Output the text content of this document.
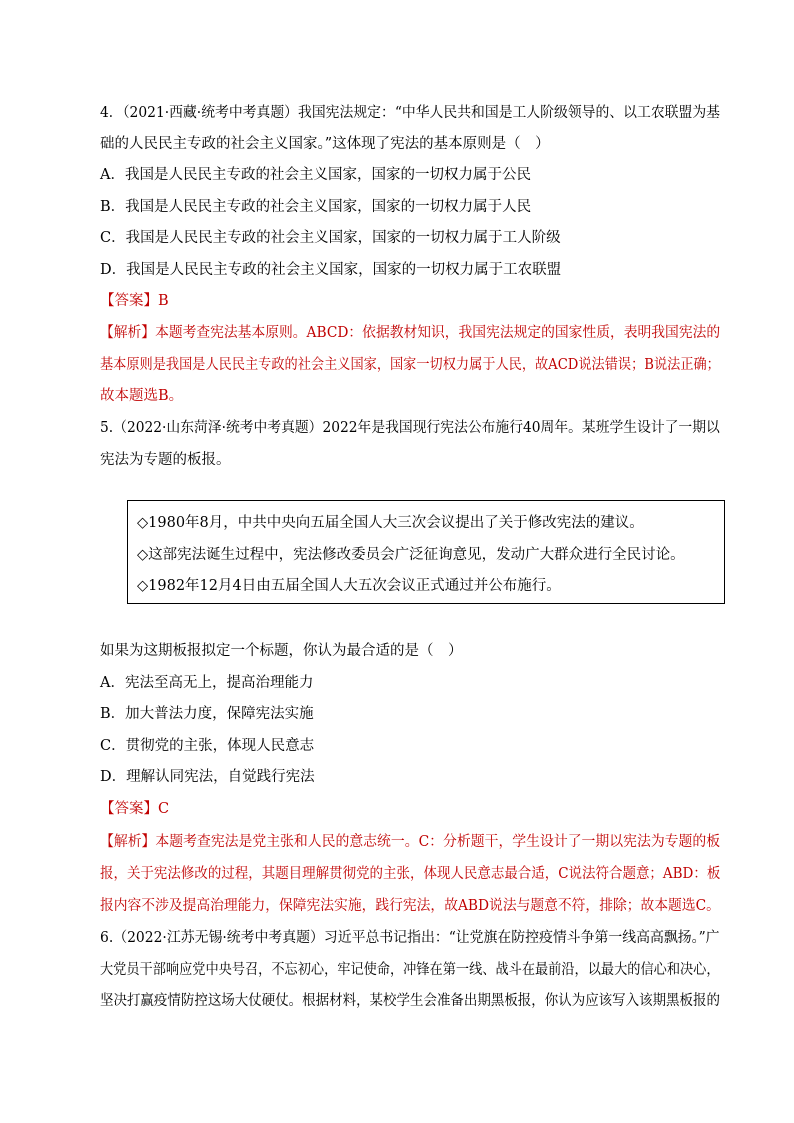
4．（2021·西藏·统考中考真题）我国宪法规定：“中华人民共和国是工人阶级领导的、以工农联盟为基
础的人民民主专政的社会主义国家。”这体现了宪法的基本原则是（　）
A．我国是人民民主专政的社会主义国家，国家的一切权力属于公民
B．我国是人民民主专政的社会主义国家，国家的一切权力属于人民
C．我国是人民民主专政的社会主义国家，国家的一切权力属于工人阶级
D．我国是人民民主专政的社会主义国家，国家的一切权力属于工农联盟
【答案】B
【解析】本题考查宪法基本原则。ABCD：依据教材知识，我国宪法规定的国家性质，表明我国宪法的
基本原则是我国是人民民主专政的社会主义国家，国家一切权力属于人民，故ACD说法错误；B说法正确；
故本题选B。
5.（2022·山东菏泽·统考中考真题）2022年是我国现行宪法公布施行40周年。某班学生设计了一期以
宪法为专题的板报。
◇1980年8月，中共中央向五届全国人大三次会议提出了关于修改宪法的建议。
◇这部宪法诞生过程中，宪法修改委员会广泛征询意见，发动广大群众进行全民讨论。
◇1982年12月4日由五届全国人大五次会议正式通过并公布施行。
如果为这期板报拟定一个标题，你认为最合适的是（　）
A．宪法至高无上，提高治理能力
B．加大普法力度，保障宪法实施
C．贯彻党的主张，体现人民意志
D．理解认同宪法，自觉践行宪法
【答案】C
【解析】本题考查宪法是党主张和人民的意志统一。C：分析题干，学生设计了一期以宪法为专题的板
报，关于宪法修改的过程，其题目理解贯彻党的主张，体现人民意志最合适，C说法符合题意；ABD：板
报内容不涉及提高治理能力，保障宪法实施，践行宪法，故ABD说法与题意不符，排除；故本题选C。
6.（2022·江苏无锡·统考中考真题）习近平总书记指出：“让党旗在防控疫情斗争第一线高高飘扬。”广
大党员干部响应党中央号召，不忘初心，牢记使命，冲锋在第一线、战斗在最前沿，以最大的信心和决心，
坚决打赢疫情防控这场大仗硬仗。根据材料，某校学生会准备出期黑板报，你认为应该写入该期黑板报的
